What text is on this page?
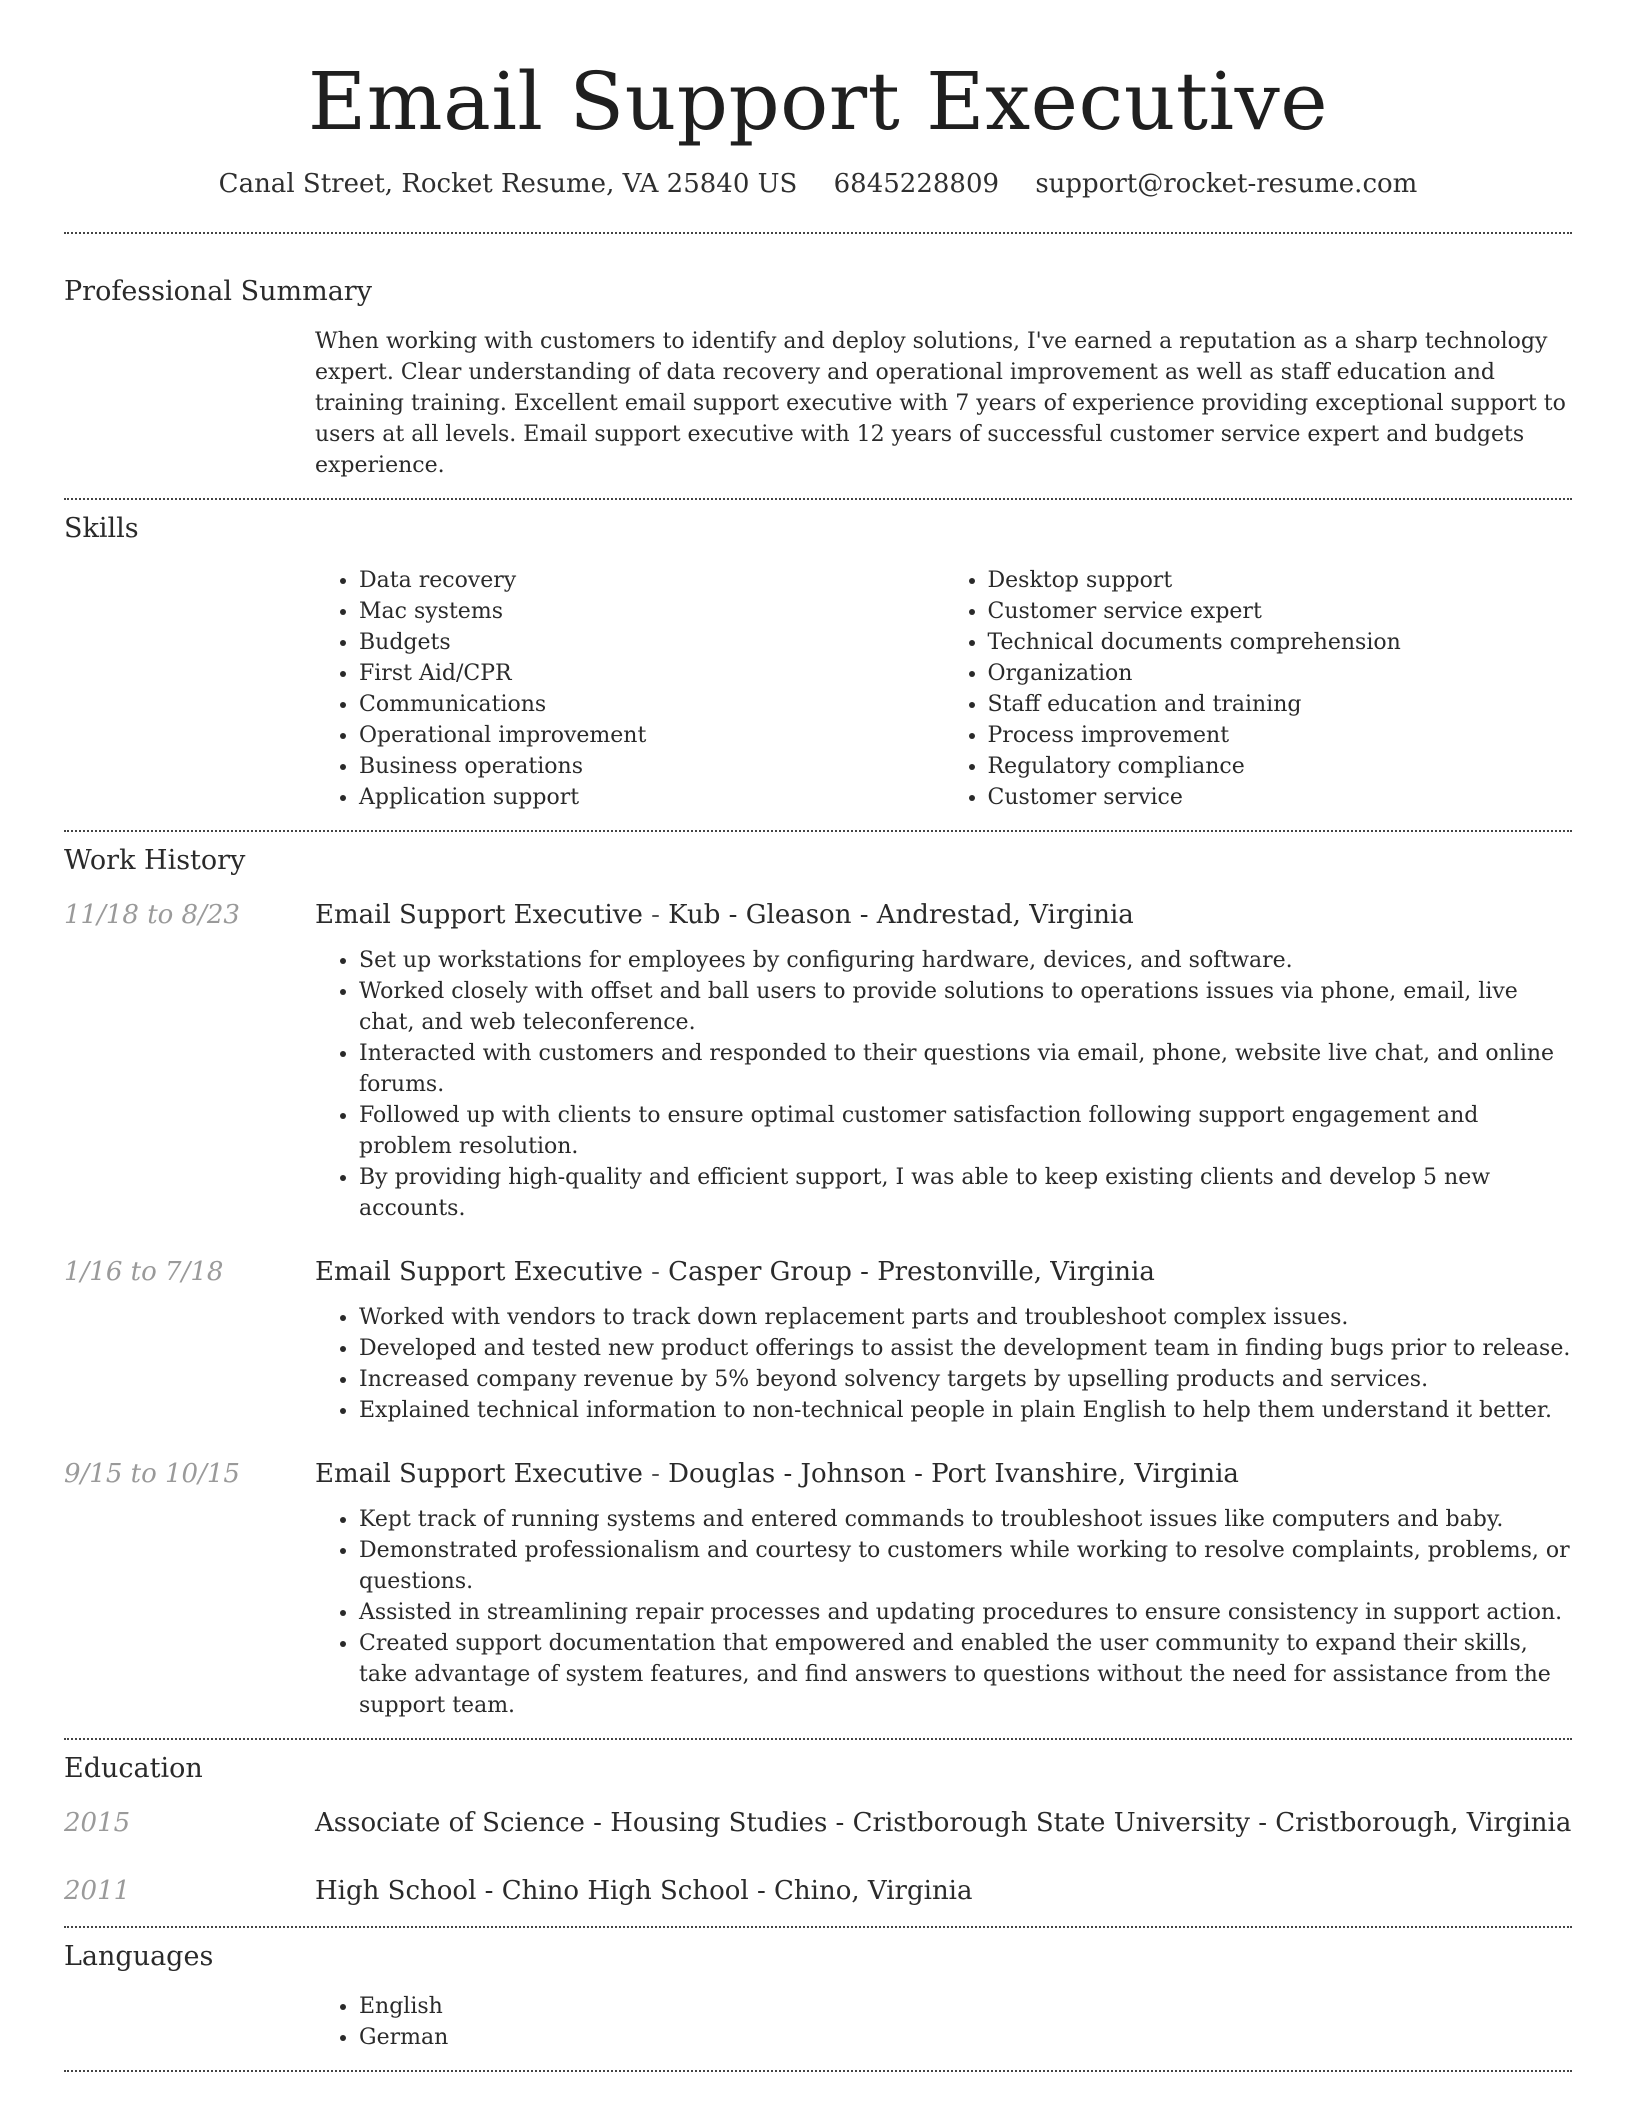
Email Support Executive
Canal Street, Rocket Resume, VA 25840 US 6845228809 support@rocket-resume.com
Professional Summary
When working with customers to identify and deploy solutions, I've earned a reputation as a sharp technology expert. Clear understanding of data recovery and operational improvement as well as staff education and training training. Excellent email support executive with 7 years of experience providing exceptional support to users at all levels. Email support executive with 12 years of successful customer service expert and budgets experience.
Skills
• Data recovery
• Mac systems
• Budgets
• First Aid/CPR
• Communications
• Operational improvement
• Business operations
• Application support
• Desktop support
• Customer service expert
• Technical documents comprehension
• Organization
• Staff education and training
• Process improvement
• Regulatory compliance
• Customer service
Work History
11/18 to 8/23	Email Support Executive - Kub - Gleason - Andrestad, Virginia
• Set up workstations for employees by configuring hardware, devices, and software.
• Worked closely with offset and ball users to provide solutions to operations issues via phone, email, live chat, and web teleconference.
• Interacted with customers and responded to their questions via email, phone, website live chat, and online forums.
• Followed up with clients to ensure optimal customer satisfaction following support engagement and problem resolution.
• By providing high-quality and efficient support, I was able to keep existing clients and develop 5 new accounts.
1/16 to 7/18	Email Support Executive - Casper Group - Prestonville, Virginia
• Worked with vendors to track down replacement parts and troubleshoot complex issues.
• Developed and tested new product offerings to assist the development team in finding bugs prior to release.
• Increased company revenue by 5% beyond solvency targets by upselling products and services.
• Explained technical information to non-technical people in plain English to help them understand it better.
9/15 to 10/15	Email Support Executive - Douglas - Johnson - Port Ivanshire, Virginia
• Kept track of running systems and entered commands to troubleshoot issues like computers and baby.
• Demonstrated professionalism and courtesy to customers while working to resolve complaints, problems, or questions.
• Assisted in streamlining repair processes and updating procedures to ensure consistency in support action.
• Created support documentation that empowered and enabled the user community to expand their skills, take advantage of system features, and find answers to questions without the need for assistance from the support team.
Education
2015	Associate of Science - Housing Studies - Cristborough State University - Cristborough, Virginia
2011	High School - Chino High School - Chino, Virginia
Languages
• English
• German
